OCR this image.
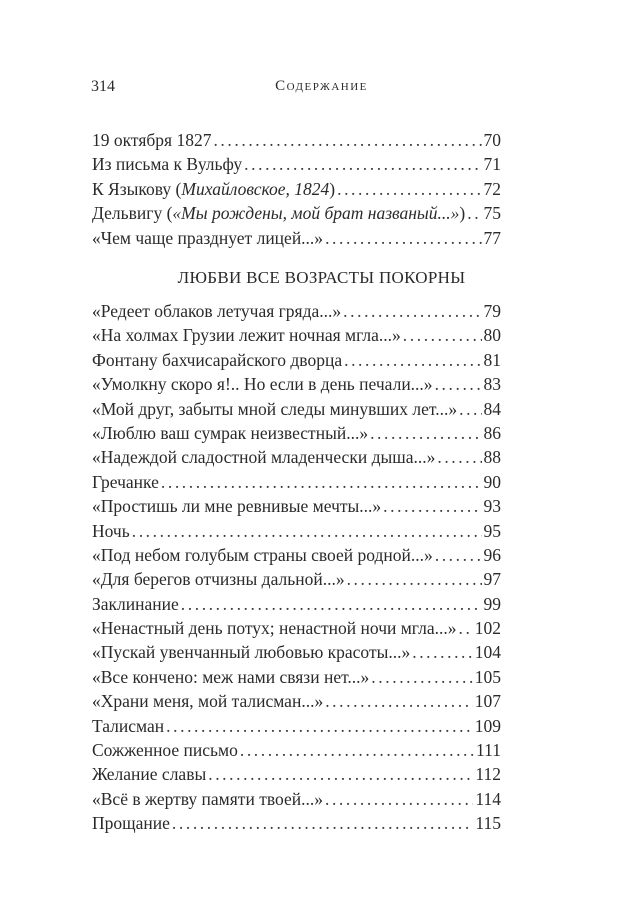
314	Содержание
19 октября 1827 .....	70
Из письма к Вульфу .....	71
К Языкову (Михайловское, 1824) .....	72
Дельвигу («Мы рождены, мой брат названый...») ..... 75
«Чем чаще празднует лицей...» .....	77
ЛЮБВИ ВСЕ ВОЗРАСТЫ ПОКОРНЫ
«Редеет облаков летучая гряда...» .....	79
«На холмах Грузии лежит ночная мгла...» .....	80
Фонтану бахчисарайского дворца .....	81
«Умолкну скоро я!.. Но если в день печали...» .....	83
«Мой друг, забыты мной следы минувших лет...» ..... 84
«Люблю ваш сумрак неизвестный...» .....	86
«Надеждой сладостной младенчески дыша...» .....	88
Гречанке .....	90
«Простишь ли мне ревнивые мечты...» .....	93
Ночь .....	95
«Под небом голубым страны своей родной...» .....	96
«Для берегов отчизны дальной...» .....	97
Заклинание .....	99
«Ненастный день потух; ненастной ночи мгла...» ..... 102
«Пускай увенчанный любовью красоты...» .....	104
«Все кончено: меж нами связи нет...» .....	105
«Храни меня, мой талисман...» .....	107
Талисман .....	109
Сожженное письмо .....	111
Желание славы .....	112
«Всё в жертву памяти твоей...» .....	114
Прощание .....	115
